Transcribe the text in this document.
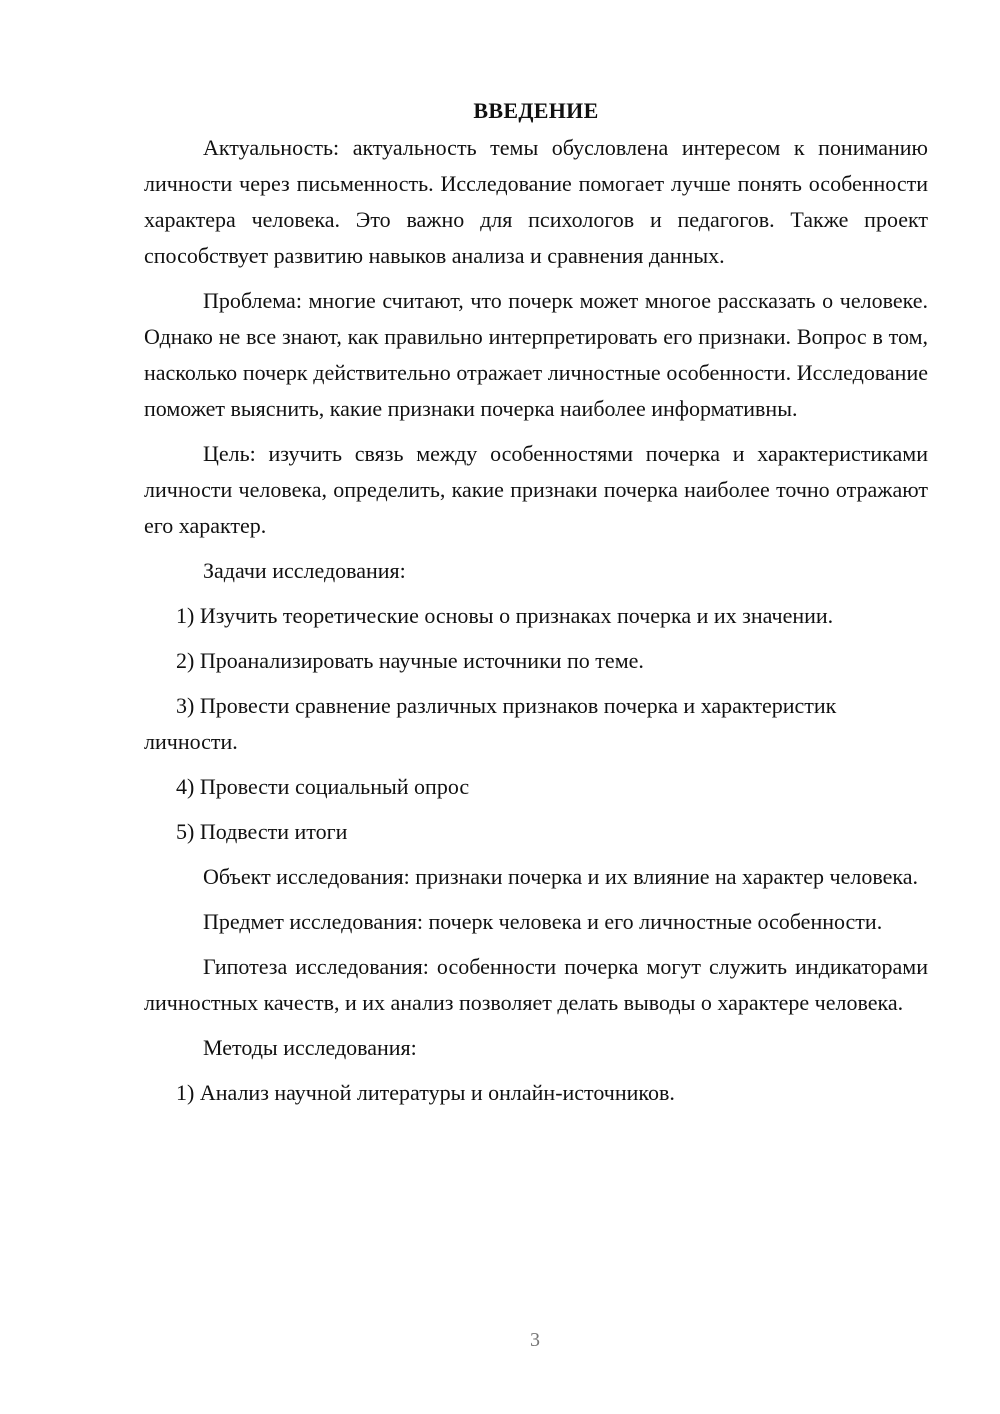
ВВЕДЕНИЕ

Актуальность: актуальность темы обусловлена интересом к пониманию личности через письменность. Исследование помогает лучше понять особенности характера человека. Это важно для психологов и педагогов. Также проект способствует развитию навыков анализа и сравнения данных.

Проблема: многие считают, что почерк может многое рассказать о человеке. Однако не все знают, как правильно интерпретировать его признаки. Вопрос в том, насколько почерк действительно отражает личностные особенности. Исследование поможет выяснить, какие признаки почерка наиболее информативны.

Цель: изучить связь между особенностями почерка и характеристиками личности человека, определить, какие признаки почерка наиболее точно отражают его характер.

Задачи исследования:

1) Изучить теоретические основы о признаках почерка и их значении.

2) Проанализировать научные источники по теме.

3) Провести сравнение различных признаков почерка и характеристик личности.

4) Провести социальный опрос

5) Подвести итоги

Объект исследования: признаки почерка и их влияние на характер человека.

Предмет исследования: почерк человека и его личностные особенности.

Гипотеза исследования: особенности почерка могут служить индикаторами личностных качеств, и их анализ позволяет делать выводы о характере человека.

Методы исследования:

1) Анализ научной литературы и онлайн-источников.

3
